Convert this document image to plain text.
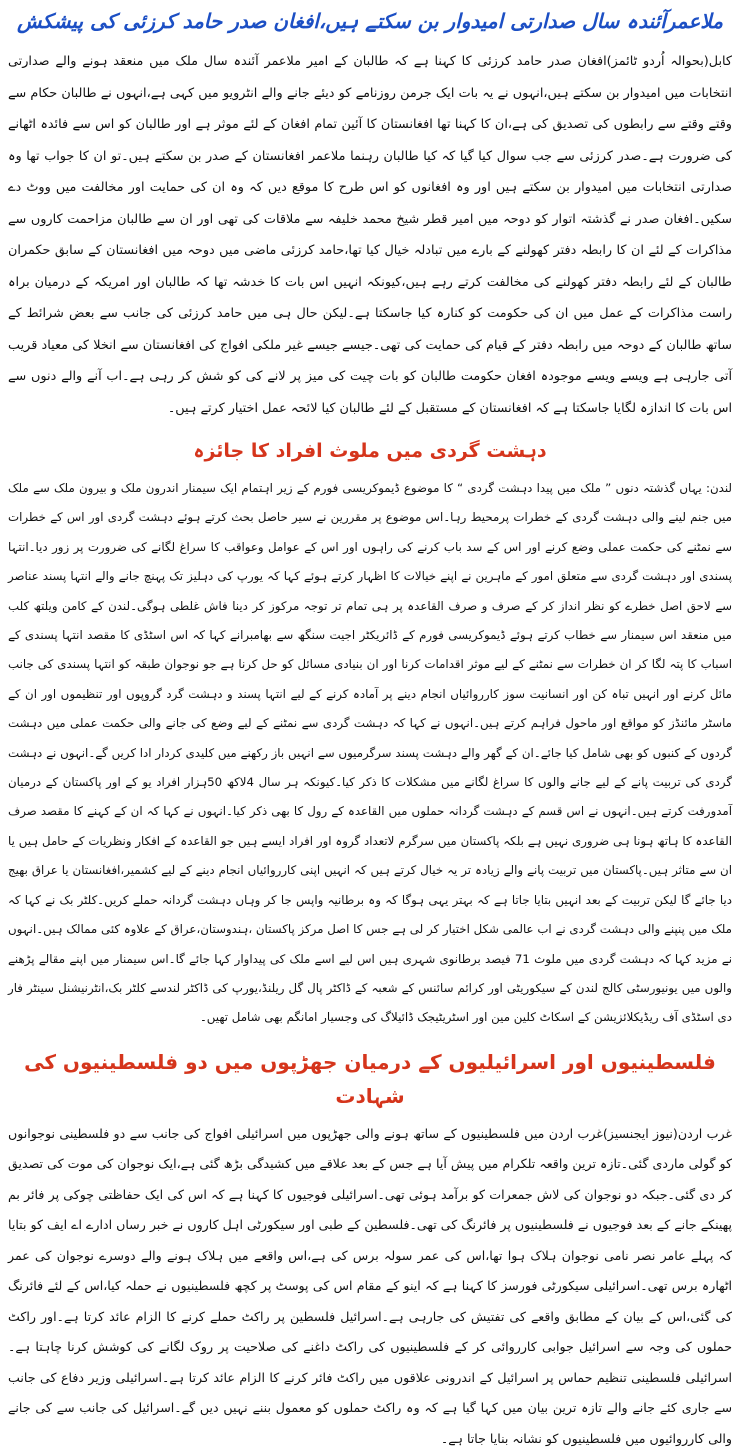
ملاعمرآئندہ سال صدارتی امیدوار بن سکتے ہیں،افغان صدر حامد کرزئی کی پیشکش

کابل(بحوالہ اُردو ٹائمز)افغان صدر حامد کرزئی کا کہنا ہے کہ طالبان کے امیر ملاعمر آئندہ سال ملک میں منعقد ہونے والے صدارتی انتخابات میں امیدوار بن سکتے ہیں،انہوں نے یہ بات ایک جرمن روزنامے کو دیئے جانے والے انٹرویو میں کہی ہے،انہوں نے طالبان حکام سے وقتے وقتے سے رابطوں کی تصدیق کی ہے،ان کا کہنا تھا افغانستان کا آئین تمام افغان کے لئے موثر ہے اور طالبان کو اس سے فائدہ اٹھانے کی ضرورت ہے۔صدر کرزئی سے جب سوال کیا گیا کہ کیا طالبان رہنما ملاعمر افغانستان کے صدر بن سکتے ہیں۔تو ان کا جواب تھا وہ صدارتی انتخابات میں امیدوار بن سکتے ہیں اور وہ افغانوں کو اس طرح کا موقع دیں کہ وہ ان کی حمایت اور مخالفت میں ووٹ دے سکیں۔افغان صدر نے گذشتہ اتوار کو دوحہ میں امیر قطر شیخ محمد خلیفہ سے ملاقات کی تھی اور ان سے طالبان مزاحمت کاروں سے مذاکرات کے لئے ان کا رابطہ دفتر کھولنے کے بارے میں تبادلہ خیال کیا تھا،حامد کرزئی ماضی میں دوحہ میں افغانستان کے سابق حکمران طالبان کے لئے رابطہ دفتر کھولنے کی مخالفت کرتے رہے ہیں،کیونکہ انہیں اس بات کا خدشہ تھا کہ طالبان اور امریکہ کے درمیان براہ راست مذاکرات کے عمل میں ان کی حکومت کو کنارہ کیا جاسکتا ہے۔لیکن حال ہی میں حامد کرزئی کی جانب سے بعض شرائط کے ساتھ طالبان کے دوحہ میں رابطہ دفتر کے قیام کی حمایت کی تھی۔جیسے جیسے غیر ملکی افواج کی افغانستان سے انخلا کی معیاد قریب آتی جارہی ہے ویسے ویسے موجودہ افغان حکومت طالبان کو بات چیت کی میز پر لانے کی کو شش کر رہی ہے۔اب آنے والے دنوں سے اس بات کا اندازہ لگایا جاسکتا ہے کہ افغانستان کے مستقبل کے لئے طالبان کیا لائحہ عمل اختیار کرتے ہیں۔

دہشت گردی میں ملوث افراد کا جائزہ

لندن: یہاں گذشتہ دنوں ” ملک میں پیدا دہشت گردی “ کا موضوع ڈیموکریسی فورم کے زیر اہتمام ایک سیمنار اندرون ملک و بیرون ملک سے ملک میں جنم لینے والی دہشت گردی کے خطرات پرمحیط رہا۔اس موضوع پر مقررین نے سیر حاصل بحث کرتے ہوئے دہشت گردی اور اس کے خطرات سے نمٹنے کی حکمت عملی وضع کرنے اور اس کے سد باب کرنے کی راہوں اور اس کے عوامل وعواقب کا سراغ لگانے کی ضرورت پر زور دیا۔انتہا پسندی اور دہشت گردی سے متعلق امور کے ماہرین نے اپنے خیالات کا اظہار کرتے ہوئے کہا کہ یورپ کی دہلیز تک پہنچ جانے والے انتہا پسند عناصر سے لاحق اصل خطرے کو نظر انداز کر کے صرف و صرف القاعدہ پر ہی تمام تر توجہ مرکوز کر دینا فاش غلطی ہوگی۔لندن کے کامن ویلتھ کلب میں منعقد اس سیمنار سے خطاب کرتے ہوئے ڈیموکریسی فورم کے ڈائریکٹر اجیت سنگھ سے بھامبرانے کہا کہ اس اسٹڈی کا مقصد انتہا پسندی کے اسباب کا پتہ لگا کر ان خطرات سے نمٹنے کے لیے موثر اقدامات کرنا اور ان بنیادی مسائل کو حل کرنا ہے جو نوجوان طبقہ کو انتہا پسندی کی جانب مائل کرنے اور انہیں تباہ کن اور انسانیت سوز کارروائیاں انجام دینے پر آمادہ کرنے کے لیے انتہا پسند و دہشت گرد گروپوں اور تنظیموں اور ان کے ماسٹر مائنڈز کو مواقع اور ماحول فراہم کرتے ہیں۔انہوں نے کہا کہ دہشت گردی سے نمٹنے کے لیے وضع کی جانے والی حکمت عملی میں دہشت گردوں کے کنبوں کو بھی شامل کیا جائے۔ان کے گھر والے دہشت پسند سرگرمیوں سے انہیں باز رکھنے میں کلیدی کردار ادا کریں گے۔انہوں نے دہشت گردی کی تربیت پانے کے لیے جانے والوں کا سراغ لگانے میں مشکلات کا ذکر کیا۔کیونکہ ہر سال 4لاکھ 50ہزار افراد یو کے اور پاکستان کے درمیان آمدورفت کرتے ہیں۔انہوں نے اس قسم کے دہشت گردانہ حملوں میں القاعدہ کے رول کا بھی ذکر کیا۔انہوں نے کہا کہ ان کے کہنے کا مقصد صرف القاعدہ کا ہاتھ ہونا ہی ضروری نہیں ہے بلکہ پاکستان میں سرگرم لاتعداد گروہ اور افراد ایسے ہیں جو القاعدہ کے افکار ونظریات کے حامل ہیں یا ان سے متاثر ہیں۔پاکستان میں تربیت پانے والے زیادہ تر یہ خیال کرتے ہیں کہ انہیں اپنی کارروائیاں انجام دینے کے لیے کشمیر،افغانستان یا عراق بھیج دیا جائے گا لیکن تربیت کے بعد انہیں بتایا جاتا ہے کہ بہتر یہی ہوگا کہ وہ برطانیہ واپس جا کر وہاں دہشت گردانہ حملے کریں۔کلٹر بک نے کہا کہ ملک میں پنپنے والی دہشت گردی نے اب عالمی شکل اختیار کر لی ہے جس کا اصل مرکز پاکستان ،ہندوستان،عراق کے علاوہ کئی ممالک ہیں۔انہوں نے مزید کہا کہ دہشت گردی میں ملوث 71 فیصد برطانوی شہری ہیں اس لیے اسے ملک کی پیداوار کہا جائے گا۔اس سیمنار میں اپنے مقالے پڑھنے والوں میں یونیورسٹی کالج لندن کے سیکوریٹی اور کرائم سائنس کے شعبہ کے ڈاکٹر پال گل ریلنڈ،یورپ کی ڈاکٹر لندسے کلٹر بک،انٹرنیشنل سینٹر فار دی اسٹڈی آف ریڈیکلائزیشن کے اسکاٹ کلین مین اور اسٹریٹیجک ڈائیلاگ کی وجسیار امانگم بھی شامل تھیں۔

فلسطینیوں اور اسرائیلیوں کے درمیان جھڑپوں میں دو فلسطینیوں کی شہادت

غرب اردن(نیوز ایجنسیز)غرب اردن میں فلسطینیوں کے ساتھ ہونے والی جھڑپوں میں اسرائیلی افواج کی جانب سے دو فلسطینی نوجوانوں کو گولی ماردی گئی۔تازہ ترین واقعہ تلکرام میں پیش آیا ہے جس کے بعد علاقے میں کشیدگی بڑھ گئی ہے،ایک نوجوان کی موت کی تصدیق کر دی گئی۔جبکہ دو نوجوان کی لاش جمعرات کو برآمد ہوئی تھی۔اسرائیلی فوجیوں کا کہنا ہے کہ اس کی ایک حفاظتی چوکی پر فائر بم پھینکے جانے کے بعد فوجیوں نے فلسطینیوں پر فائرنگ کی تھی۔فلسطین کے طبی اور سیکورٹی اہل کاروں نے خبر رساں ادارے اے ایف کو بتایا کہ پہلے عامر نصر نامی نوجوان ہلاک ہوا تھا،اس کی عمر سولہ برس کی ہے،اس واقعے میں ہلاک ہونے والے دوسرے نوجوان کی عمر اٹھارہ برس تھی۔اسرائیلی سیکورٹی فورسز کا کہنا ہے کہ اینو کے مقام اس کی پوسٹ پر کچھ فلسطینیوں نے حملہ کیا،اس کے لئے فائرنگ کی گئی،اس کے بیان کے مطابق واقعے کی تفتیش کی جارہی ہے۔اسرائیل فلسطین پر راکٹ حملے کرنے کا الزام عائد کرتا ہے۔اور راکٹ حملوں کی وجہ سے اسرائیل جوابی کارروائی کر کے فلسطینیوں کی راکٹ داغنے کی صلاحیت پر روک لگانے کی کوشش کرنا چاہتا ہے۔اسرائیلی فلسطینی تنظیم حماس پر اسرائیل کے اندرونی علاقوں میں راکٹ فائر کرنے کا الزام عائد کرتا ہے۔اسرائیلی وزیر دفاع کی جانب سے جاری کئے جانے والے تازہ ترین بیان میں کہا گیا ہے کہ وہ راکٹ حملوں کو معمول بننے نہیں دیں گے۔اسرائیل کی جانب سے کی جانے والی کارروائیوں میں فلسطینیوں کو نشانہ بنایا جاتا ہے۔
